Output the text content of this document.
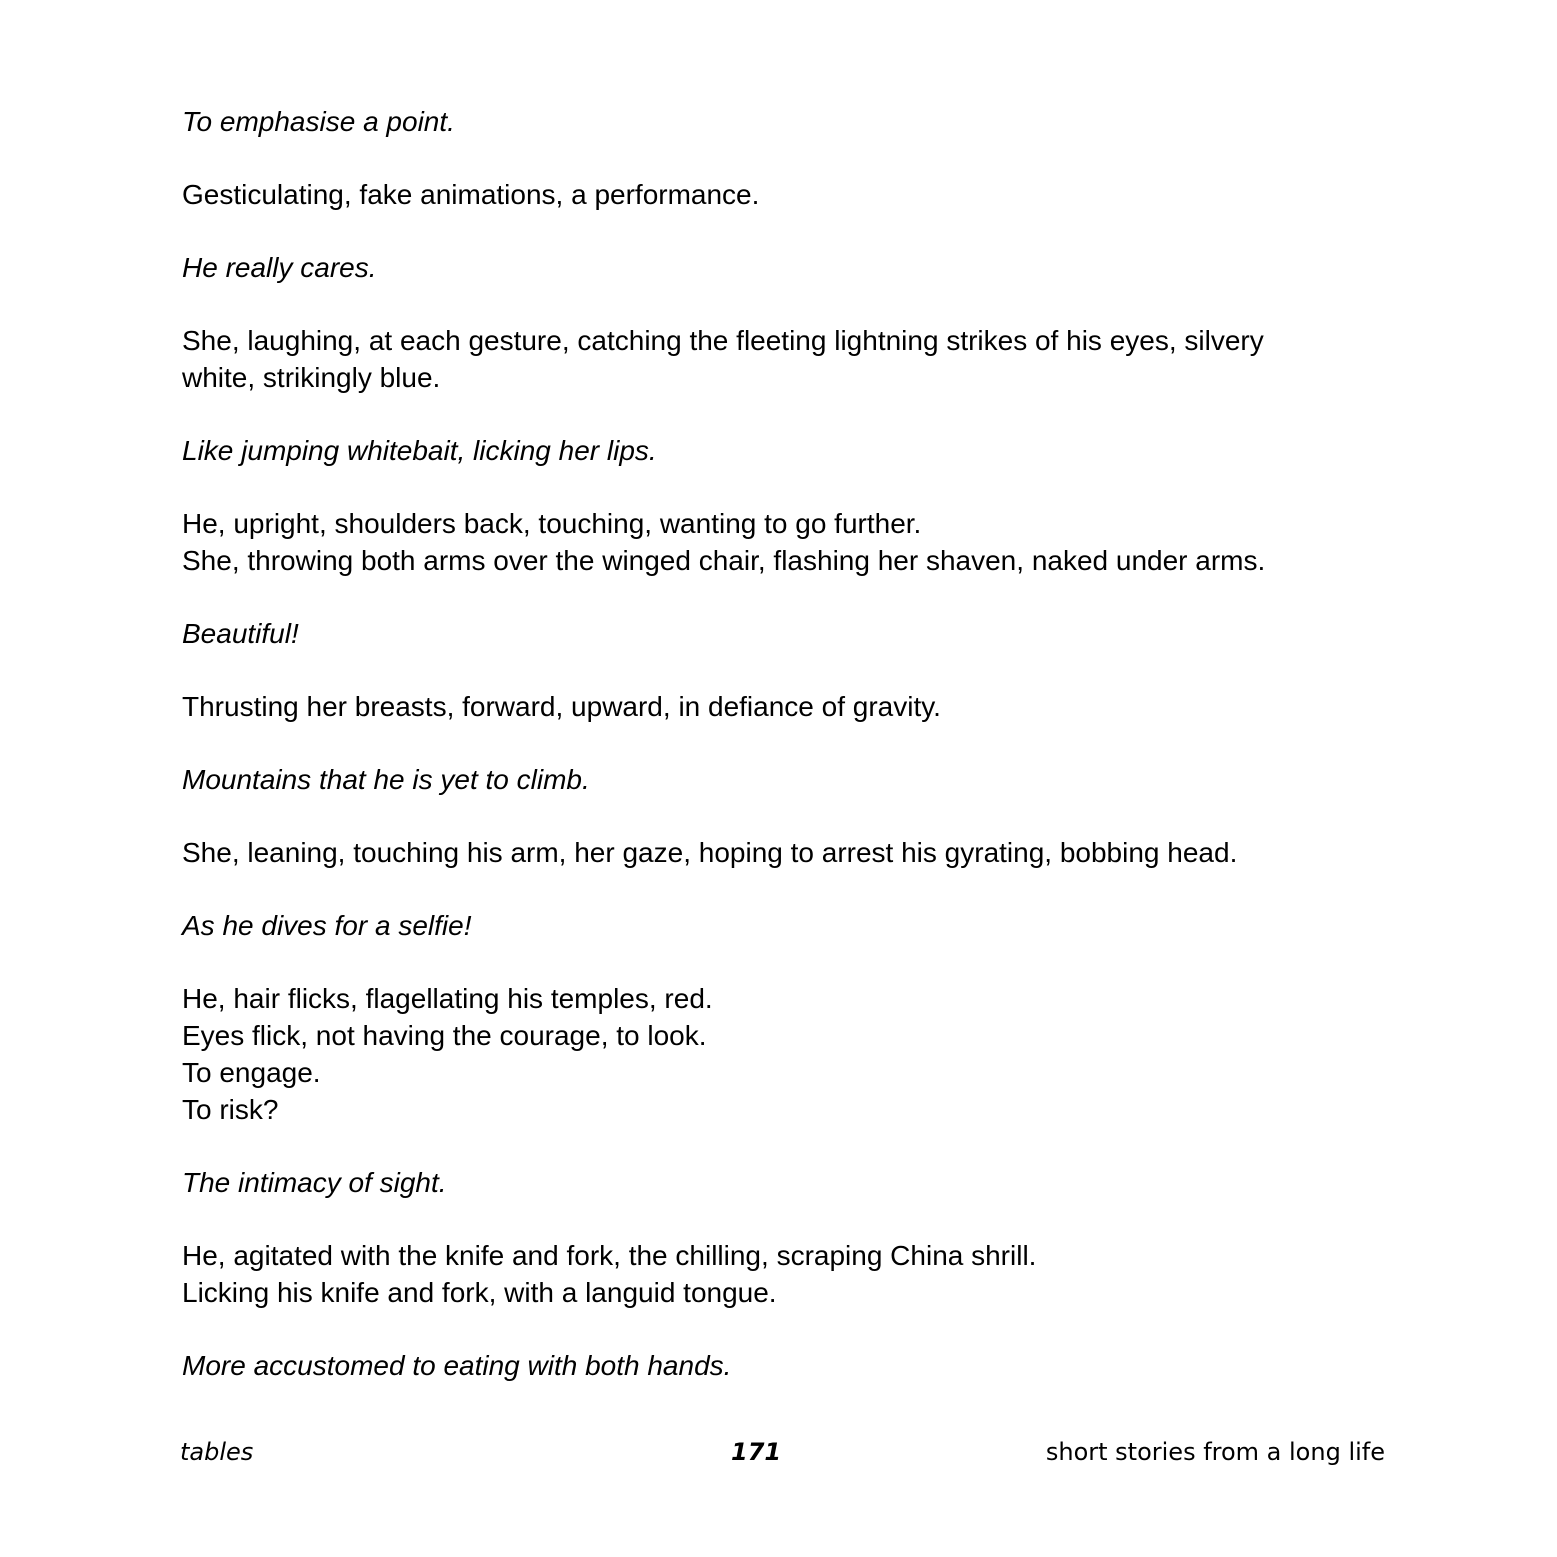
To emphasise a point.
Gesticulating, fake animations, a performance.
He really cares.
She, laughing, at each gesture, catching the fleeting lightning strikes of his eyes, silvery
white, strikingly blue.
Like jumping whitebait, licking her lips.
He, upright, shoulders back, touching, wanting to go further.
She, throwing both arms over the winged chair, flashing her shaven, naked under arms.
Beautiful!
Thrusting her breasts, forward, upward, in defiance of gravity.
Mountains that he is yet to climb.
She, leaning, touching his arm, her gaze, hoping to arrest his gyrating, bobbing head.
As he dives for a selfie!
He, hair flicks, flagellating his temples, red.
Eyes flick, not having the courage, to look.
To engage.
To risk?
The intimacy of sight.
He, agitated with the knife and fork, the chilling, scraping China shrill.
Licking his knife and fork, with a languid tongue.
More accustomed to eating with both hands.
tables	171	short stories from a long life
